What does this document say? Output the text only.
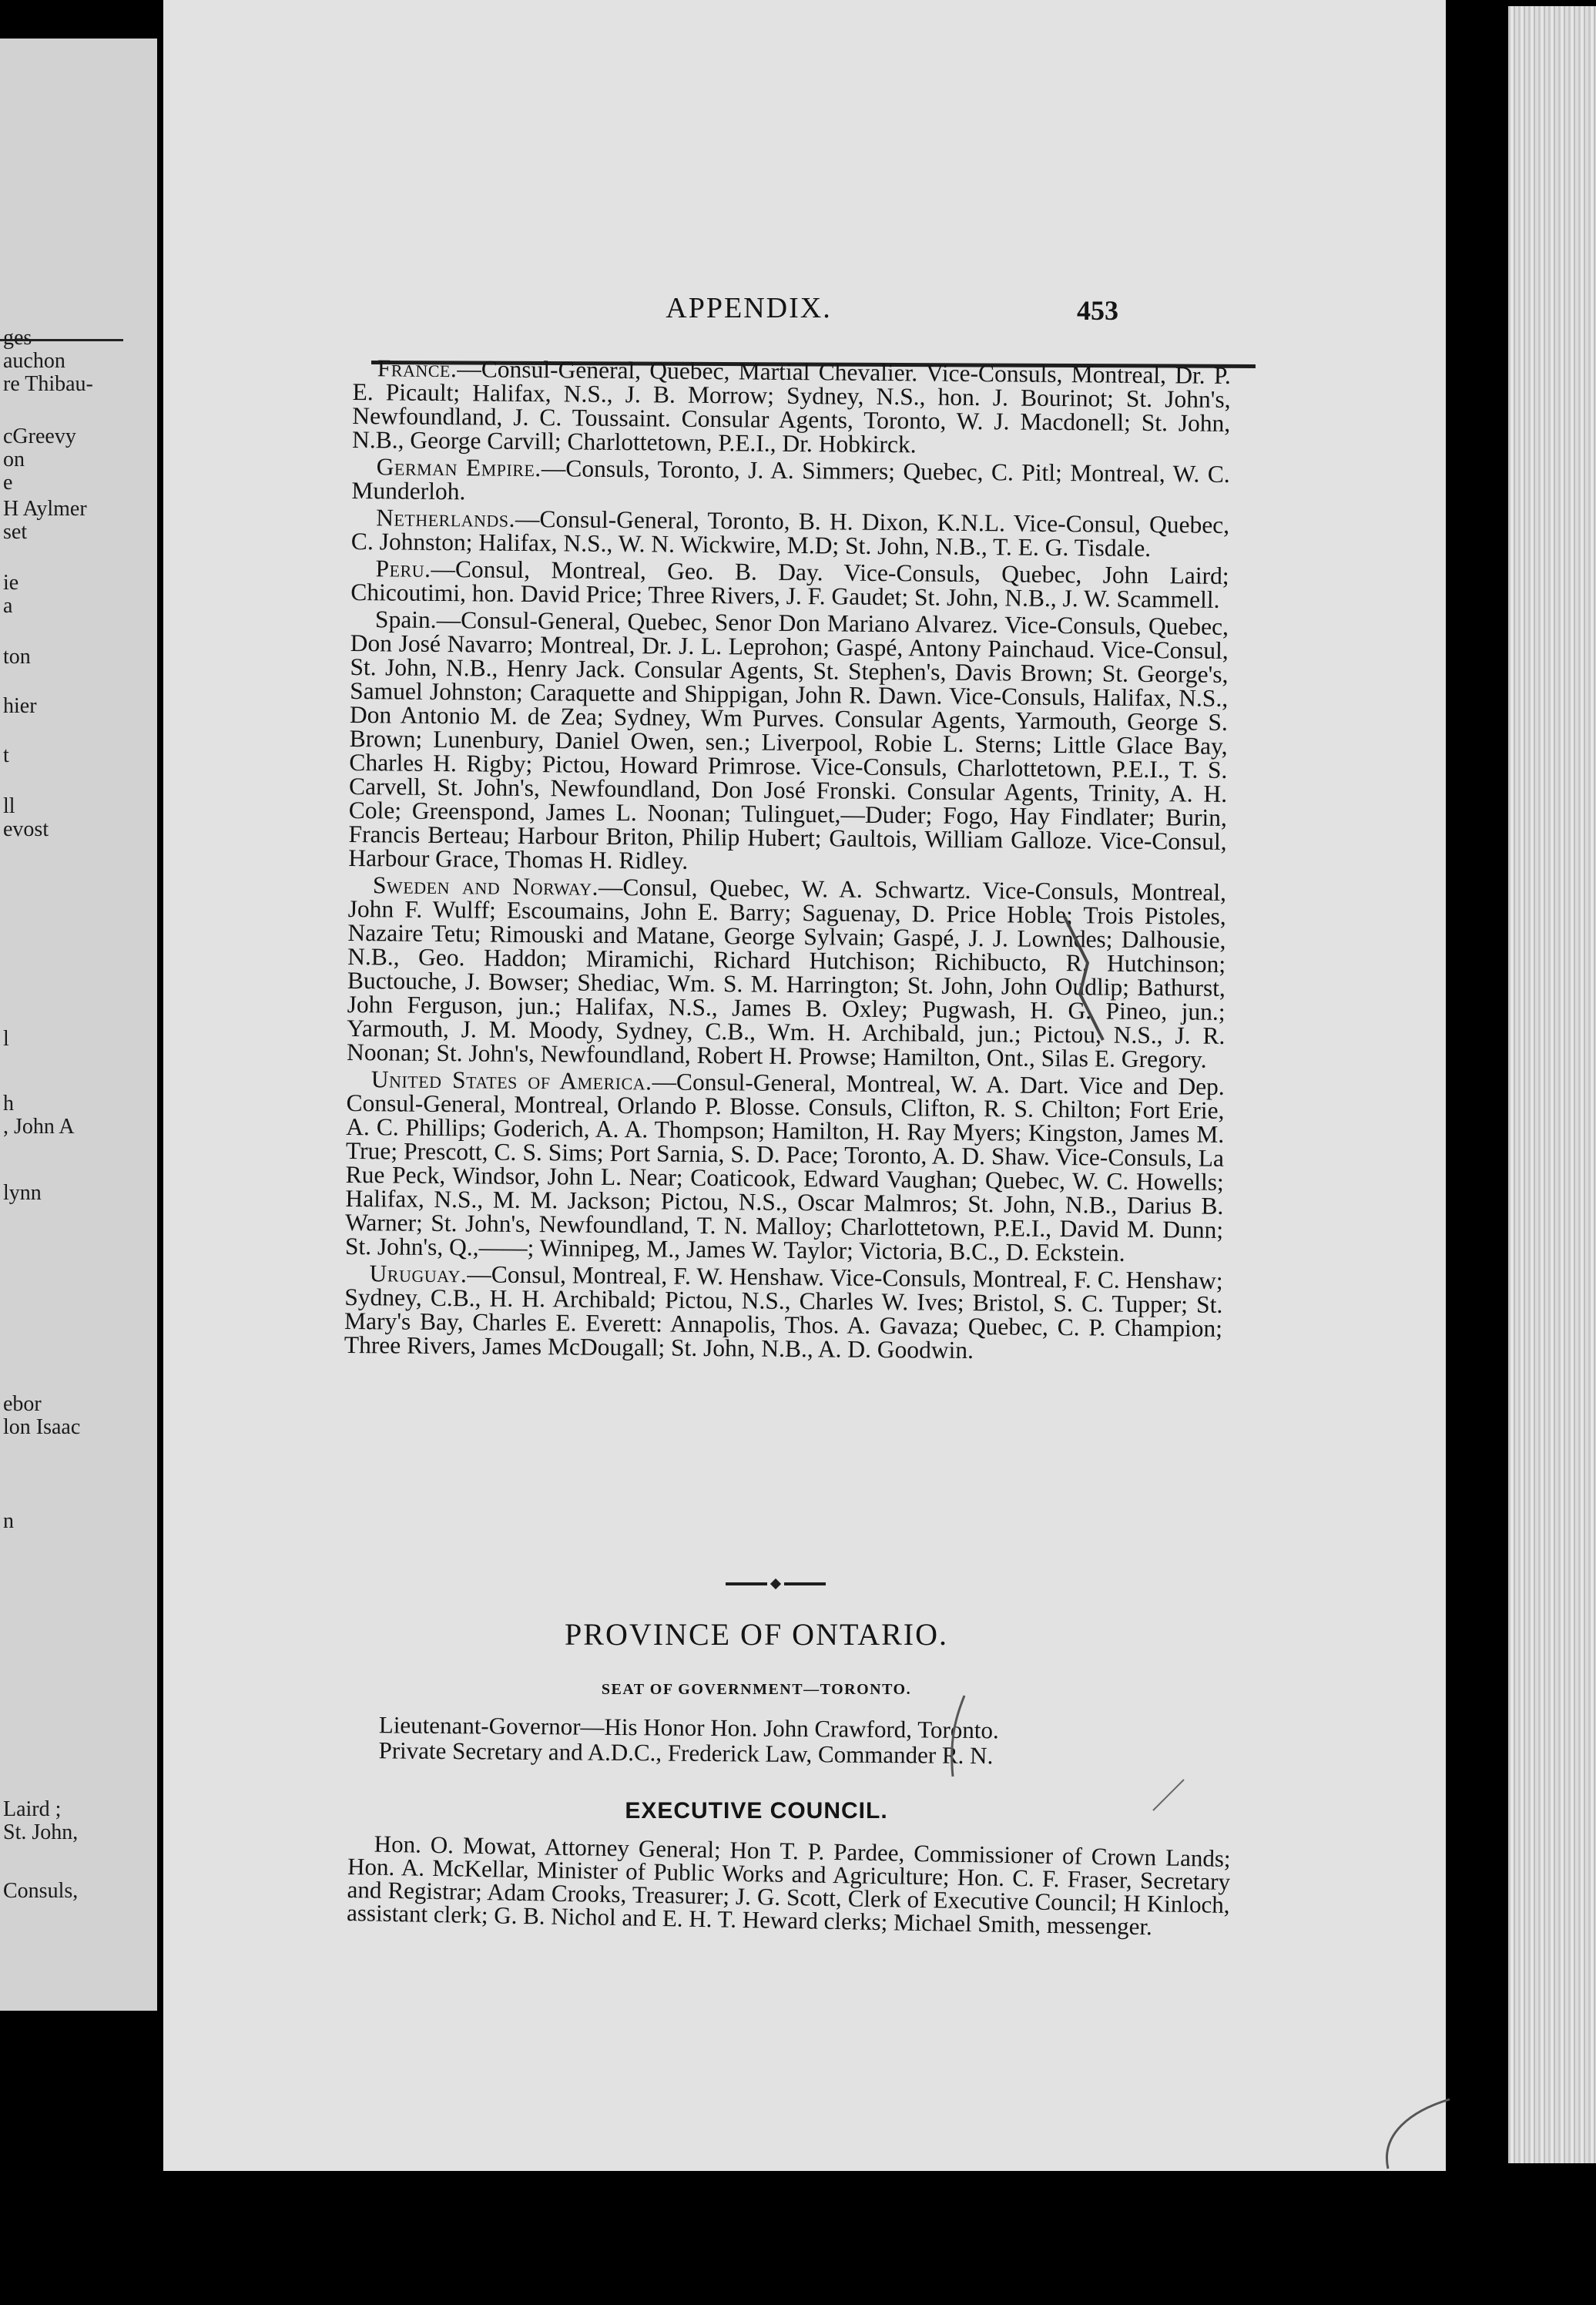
ges

auchon

re Thibau-

cGreevy

on

e

H Aylmer

set

ie

a

ton

hier

t

ll

evost

l

h

, John A

lynn

ebor

lon Isaac

n

Laird ;

St. John,

Consuls,

APPENDIX.	453

France.—Consul-General, Quebec, Martial Chevalier. Vice-Consuls, Montreal, Dr. P. E. Picault; Halifax, N.S., J. B. Morrow; Sydney, N.S., hon. J. Bourinot; St. John's, Newfoundland, J. C. Toussaint. Consular Agents, Toronto, W. J. Macdonell; St. John, N.B., George Carvill; Charlottetown, P.E.I., Dr. Hobkirck.

German Empire.—Consuls, Toronto, J. A. Simmers; Quebec, C. Pitl; Montreal, W. C. Munderloh.

Netherlands.—Consul-General, Toronto, B. H. Dixon, K.N.L. Vice-Consul, Quebec, C. Johnston; Halifax, N.S., W. N. Wickwire, M.D; St. John, N.B., T. E. G. Tisdale.

Peru.—Consul, Montreal, Geo. B. Day. Vice-Consuls, Quebec, John Laird; Chicoutimi, hon. David Price; Three Rivers, J. F. Gaudet; St. John, N.B., J. W. Scammell.

Spain.—Consul-General, Quebec, Senor Don Mariano Alvarez. Vice-Consuls, Quebec, Don José Navarro; Montreal, Dr. J. L. Leprohon; Gaspé, Antony Painchaud. Vice-Consul, St. John, N.B., Henry Jack. Consular Agents, St. Stephen's, Davis Brown; St. George's, Samuel Johnston; Caraquette and Shippigan, John R. Dawn. Vice-Consuls, Halifax, N.S., Don Antonio M. de Zea; Sydney, Wm Purves. Consular Agents, Yarmouth, George S. Brown; Lunenbury, Daniel Owen, sen.; Liverpool, Robie L. Sterns; Little Glace Bay, Charles H. Rigby; Pictou, Howard Primrose. Vice-Consuls, Charlottetown, P.E.I., T. S. Carvell, St. John's, Newfoundland, Don José Fronski. Consular Agents, Trinity, A. H. Cole; Greenspond, James L. Noonan; Tulinguet,—Duder; Fogo, Hay Findlater; Burin, Francis Berteau; Harbour Briton, Philip Hubert; Gaultois, William Galloze. Vice-Consul, Harbour Grace, Thomas H. Ridley.

Sweden and Norway.—Consul, Quebec, W. A. Schwartz. Vice-Consuls, Montreal, John F. Wulff; Escoumains, John E. Barry; Saguenay, D. Price Hoble; Trois Pistoles, Nazaire Tetu; Rimouski and Matane, George Sylvain; Gaspé, J. J. Lowndes; Dalhousie, N.B., Geo. Haddon; Miramichi, Richard Hutchison; Richibucto, R. Hutchinson; Buctouche, J. Bowser; Shediac, Wm. S. M. Harrington; St. John, John Oudlip; Bathurst, John Ferguson, jun.; Halifax, N.S., James B. Oxley; Pugwash, H. G. Pineo, jun.; Yarmouth, J. M. Moody, Sydney, C.B., Wm. H. Archibald, jun.; Pictou, N.S., J. R. Noonan; St. John's, Newfoundland, Robert H. Prowse; Hamilton, Ont., Silas E. Gregory.

United States of America.—Consul-General, Montreal, W. A. Dart. Vice and Dep. Consul-General, Montreal, Orlando P. Blosse. Consuls, Clifton, R. S. Chilton; Fort Erie, A. C. Phillips; Goderich, A. A. Thompson; Hamilton, H. Ray Myers; Kingston, James M. True; Prescott, C. S. Sims; Port Sarnia, S. D. Pace; Toronto, A. D. Shaw. Vice-Consuls, La Rue Peck, Windsor, John L. Near; Coaticook, Edward Vaughan; Quebec, W. C. Howells; Halifax, N.S., M. M. Jackson; Pictou, N.S., Oscar Malmros; St. John, N.B., Darius B. Warner; St. John's, Newfoundland, T. N. Malloy; Charlottetown, P.E.I., David M. Dunn; St. John's, Q.,——; Winnipeg, M., James W. Taylor; Victoria, B.C., D. Eckstein.

Uruguay.—Consul, Montreal, F. W. Henshaw. Vice-Consuls, Montreal, F. C. Henshaw; Sydney, C.B., H. H. Archibald; Pictou, N.S., Charles W. Ives; Bristol, S. C. Tupper; St. Mary's Bay, Charles E. Everett: Annapolis, Thos. A. Gavaza; Quebec, C. P. Champion; Three Rivers, James McDougall; St. John, N.B., A. D. Goodwin.

PROVINCE OF ONTARIO.

SEAT OF GOVERNMENT—TORONTO.

Lieutenant-Governor—His Honor Hon. John Crawford, Toronto.

Private Secretary and A.D.C., Frederick Law, Commander R. N.

EXECUTIVE COUNCIL.

Hon. O. Mowat, Attorney General; Hon T. P. Pardee, Commissioner of Crown Lands; Hon. A. McKellar, Minister of Public Works and Agriculture; Hon. C. F. Fraser, Secretary and Registrar; Adam Crooks, Treasurer; J. G. Scott, Clerk of Executive Council; H Kinloch, assistant clerk; G. B. Nichol and E. H. T. Heward clerks; Michael Smith, messenger.
